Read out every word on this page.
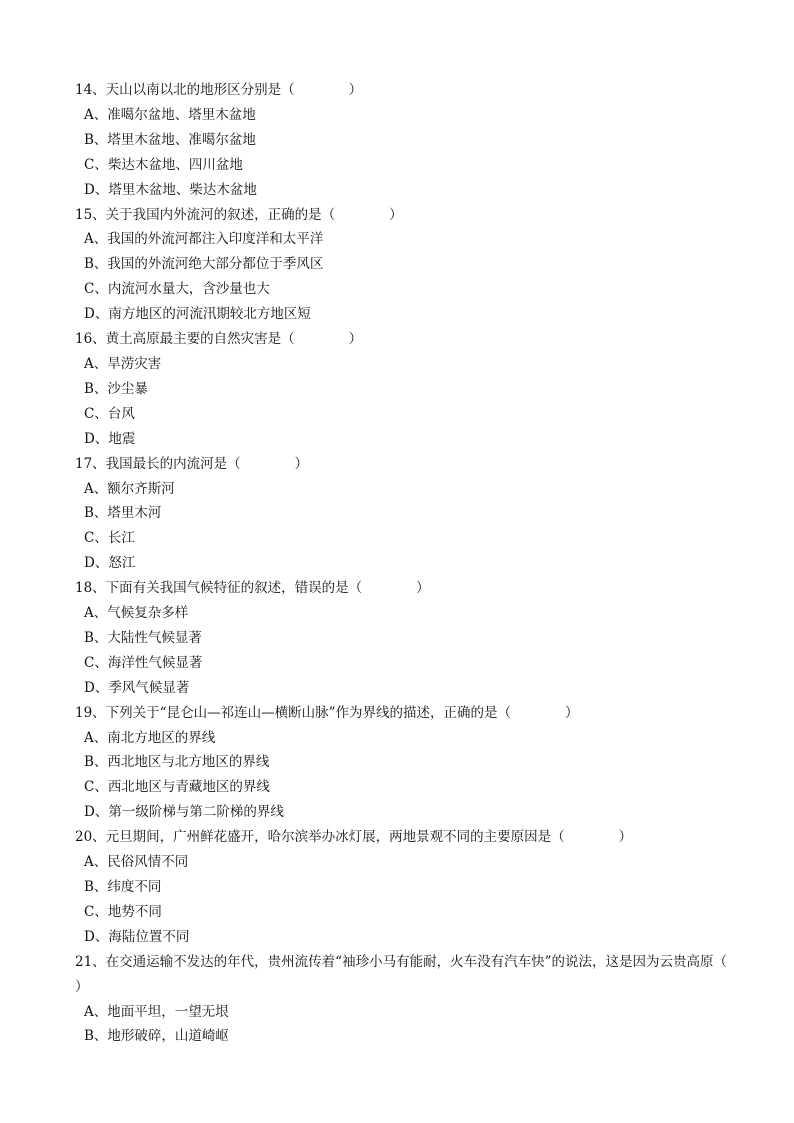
14、天山以南以北的地形区分别是（　　　　）
A、准噶尔盆地、塔里木盆地
B、塔里木盆地、准噶尔盆地
C、柴达木盆地、四川盆地
D、塔里木盆地、柴达木盆地
15、关于我国内外流河的叙述，正确的是（　　　　）
A、我国的外流河都注入印度洋和太平洋
B、我国的外流河绝大部分都位于季风区
C、内流河水量大，含沙量也大
D、南方地区的河流汛期较北方地区短
16、黄土高原最主要的自然灾害是（　　　　）
A、旱涝灾害
B、沙尘暴
C、台风
D、地震
17、我国最长的内流河是（　　　　）
A、额尔齐斯河
B、塔里木河
C、长江
D、怒江
18、下面有关我国气候特征的叙述，错误的是（　　　　）
A、气候复杂多样
B、大陆性气候显著
C、海洋性气候显著
D、季风气候显著
19、下列关于“昆仑山—祁连山—横断山脉”作为界线的描述，正确的是（　　　　）
A、南北方地区的界线
B、西北地区与北方地区的界线
C、西北地区与青藏地区的界线
D、第一级阶梯与第二阶梯的界线
20、元旦期间，广州鲜花盛开，哈尔滨举办冰灯展，两地景观不同的主要原因是（　　　　）
A、民俗风情不同
B、纬度不同
C、地势不同
D、海陆位置不同
21、在交通运输不发达的年代，贵州流传着“袖珍小马有能耐，火车没有汽车快”的说法，这是因为云贵高原（　　　　）
A、地面平坦，一望无垠
B、地形破碎，山道崎岖
